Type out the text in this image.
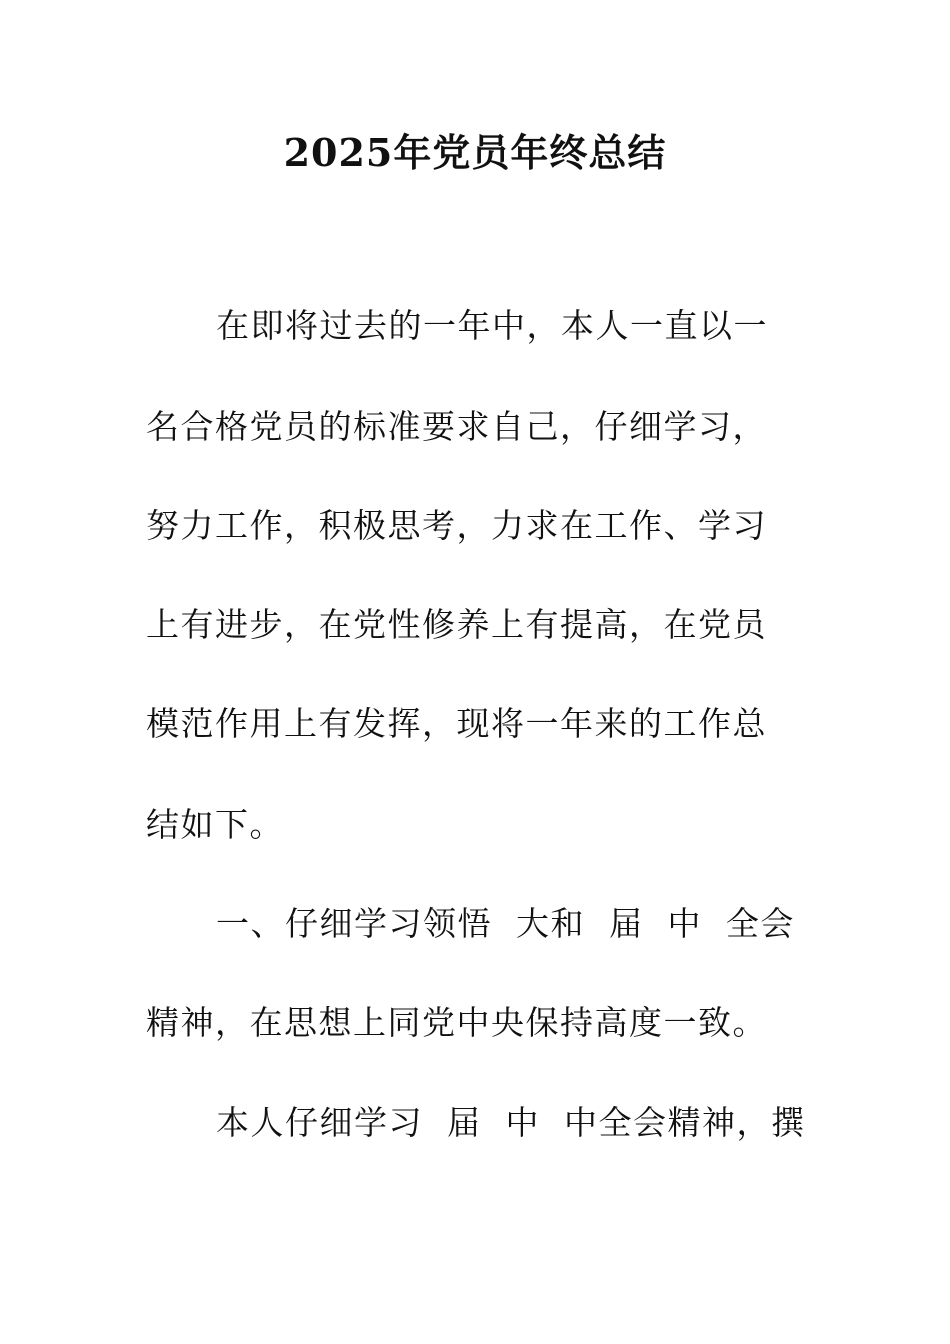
2025年党员年终总结
在即将过去的一年中，本人一直以一
名合格党员的标准要求自己，仔细学习，
努力工作，积极思考，力求在工作、学习
上有进步，在党性修养上有提高，在党员
模范作用上有发挥，现将一年来的工作总
结如下。
一、仔细学习领悟  大和  届  中  全会
精神，在思想上同党中央保持高度一致。
本人仔细学习  届  中  中全会精神，撰
